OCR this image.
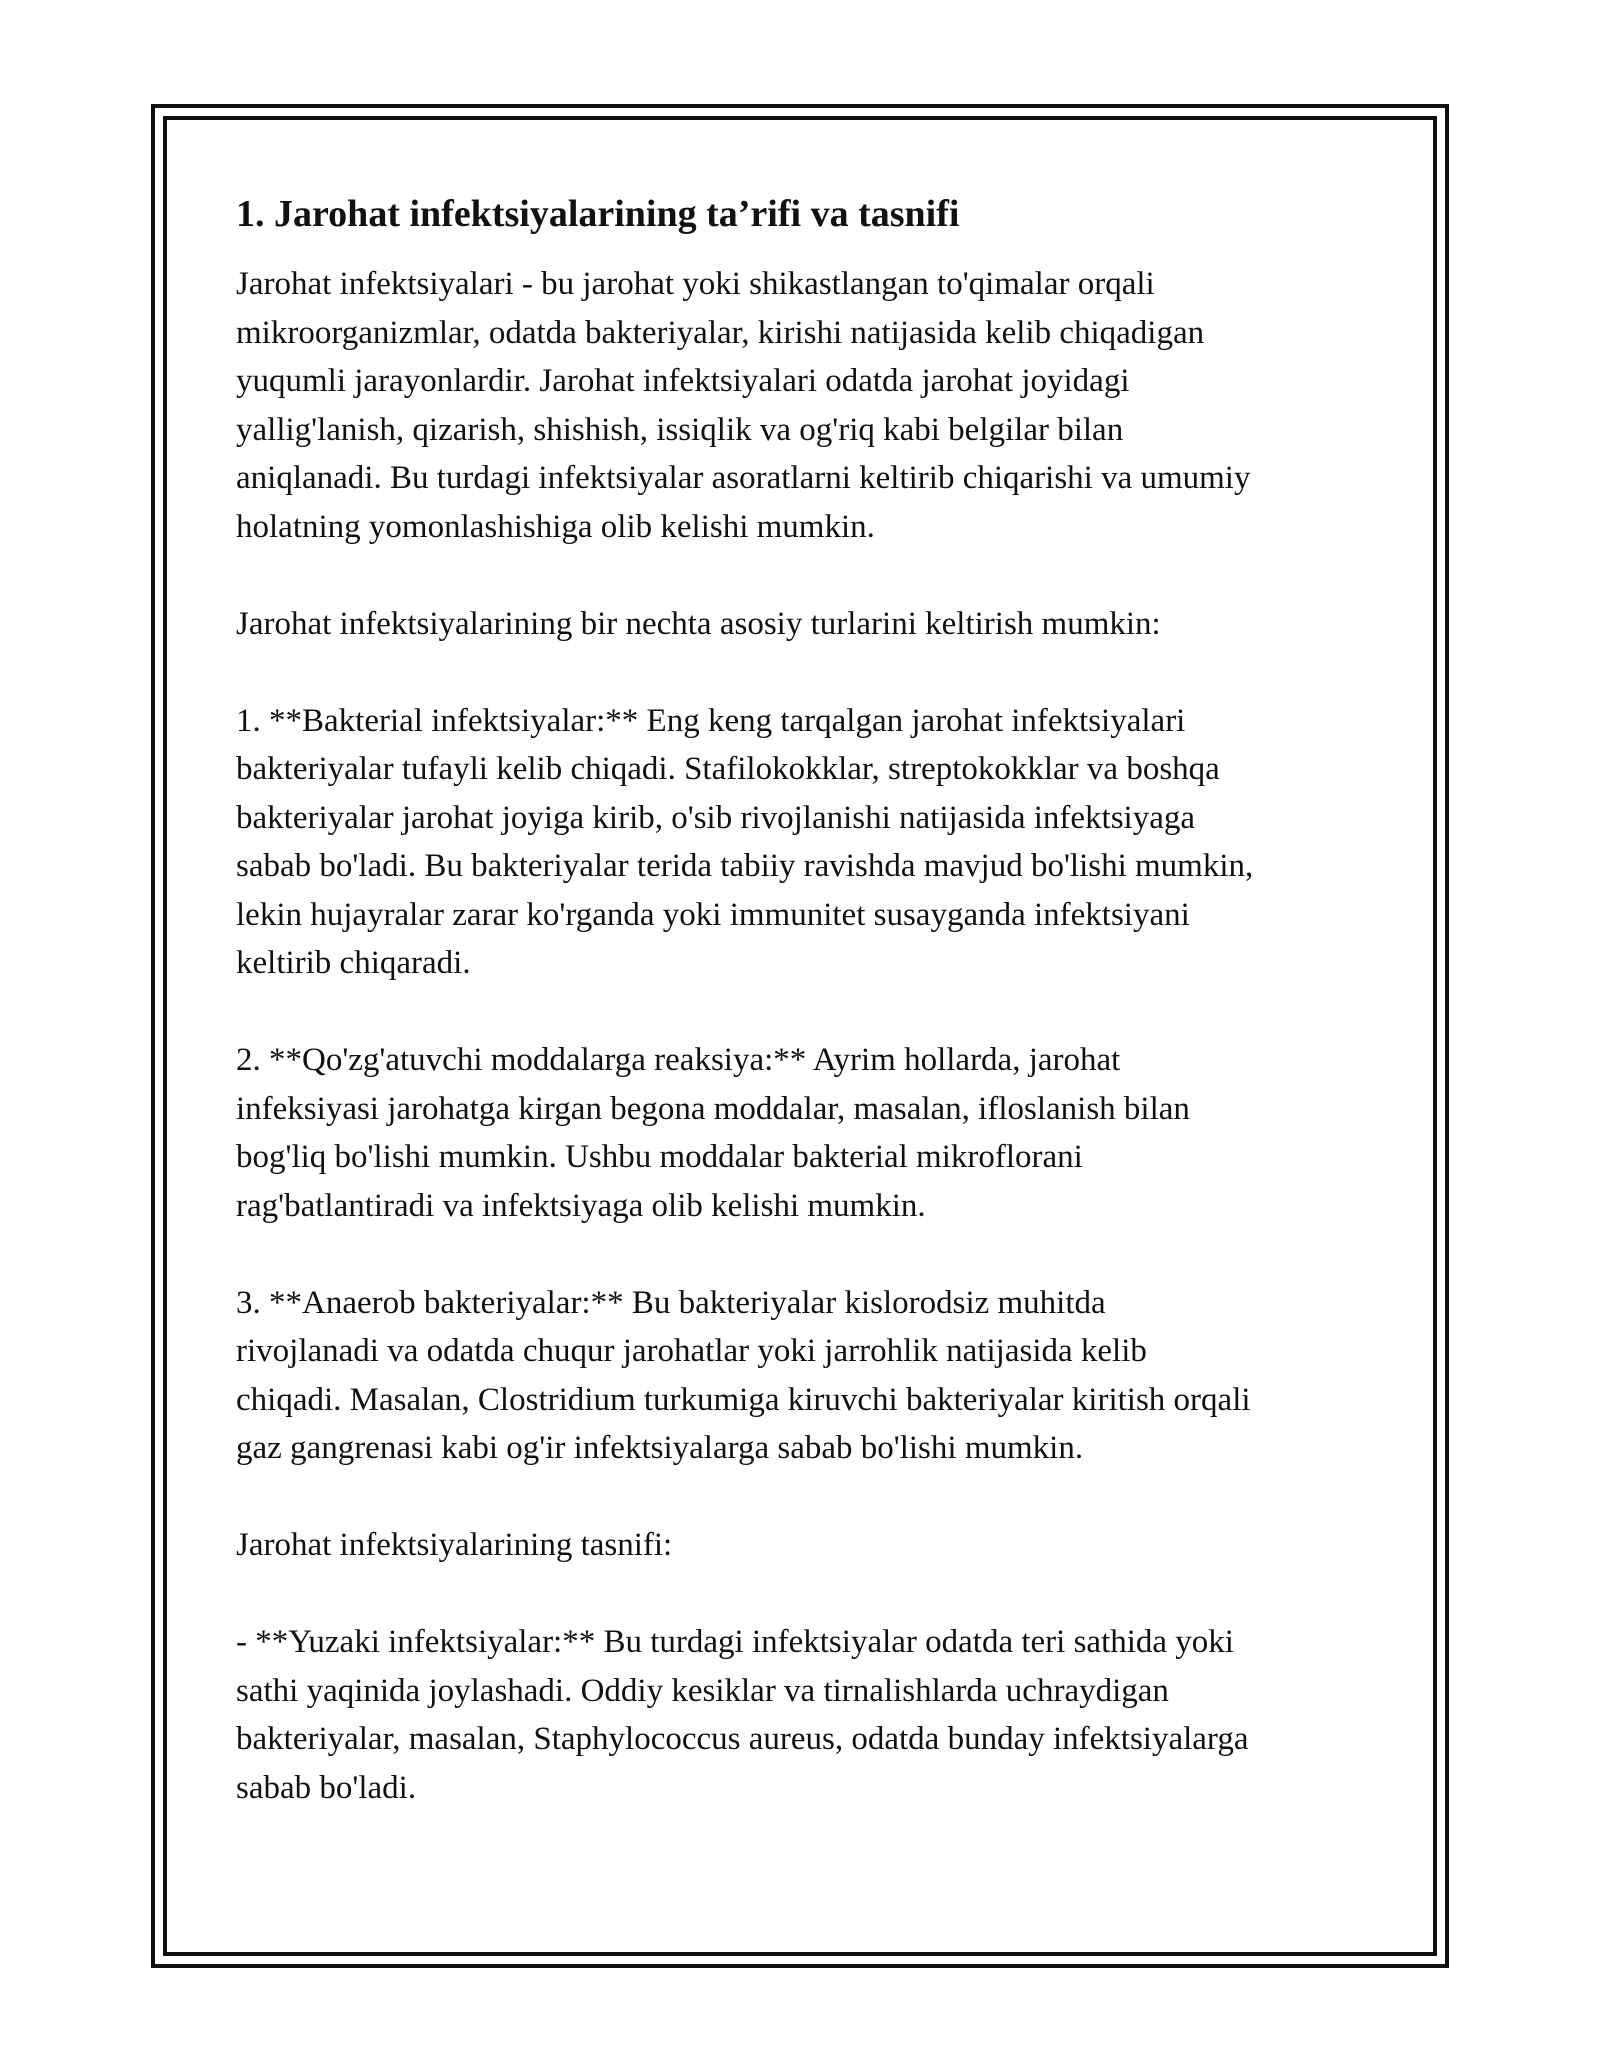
1. Jarohat infektsiyalarining ta’rifi va tasnifi
Jarohat infektsiyalari - bu jarohat yoki shikastlangan to'qimalar orqali
mikroorganizmlar, odatda bakteriyalar, kirishi natijasida kelib chiqadigan
yuqumli jarayonlardir. Jarohat infektsiyalari odatda jarohat joyidagi
yallig'lanish, qizarish, shishish, issiqlik va og'riq kabi belgilar bilan
aniqlanadi. Bu turdagi infektsiyalar asoratlarni keltirib chiqarishi va umumiy
holatning yomonlashishiga olib kelishi mumkin.
Jarohat infektsiyalarining bir nechta asosiy turlarini keltirish mumkin:
1. **Bakterial infektsiyalar:** Eng keng tarqalgan jarohat infektsiyalari
bakteriyalar tufayli kelib chiqadi. Stafilokokklar, streptokokklar va boshqa
bakteriyalar jarohat joyiga kirib, o'sib rivojlanishi natijasida infektsiyaga
sabab bo'ladi. Bu bakteriyalar terida tabiiy ravishda mavjud bo'lishi mumkin,
lekin hujayralar zarar ko'rganda yoki immunitet susayganda infektsiyani
keltirib chiqaradi.
2. **Qo'zg'atuvchi moddalarga reaksiya:** Ayrim hollarda, jarohat
infeksiyasi jarohatga kirgan begona moddalar, masalan, ifloslanish bilan
bog'liq bo'lishi mumkin. Ushbu moddalar bakterial mikroflorani
rag'batlantiradi va infektsiyaga olib kelishi mumkin.
3. **Anaerob bakteriyalar:** Bu bakteriyalar kislorodsiz muhitda
rivojlanadi va odatda chuqur jarohatlar yoki jarrohlik natijasida kelib
chiqadi. Masalan, Clostridium turkumiga kiruvchi bakteriyalar kiritish orqali
gaz gangrenasi kabi og'ir infektsiyalarga sabab bo'lishi mumkin.
Jarohat infektsiyalarining tasnifi:
- **Yuzaki infektsiyalar:** Bu turdagi infektsiyalar odatda teri sathida yoki
sathi yaqinida joylashadi. Oddiy kesiklar va tirnalishlarda uchraydigan
bakteriyalar, masalan, Staphylococcus aureus, odatda bunday infektsiyalarga
sabab bo'ladi.
